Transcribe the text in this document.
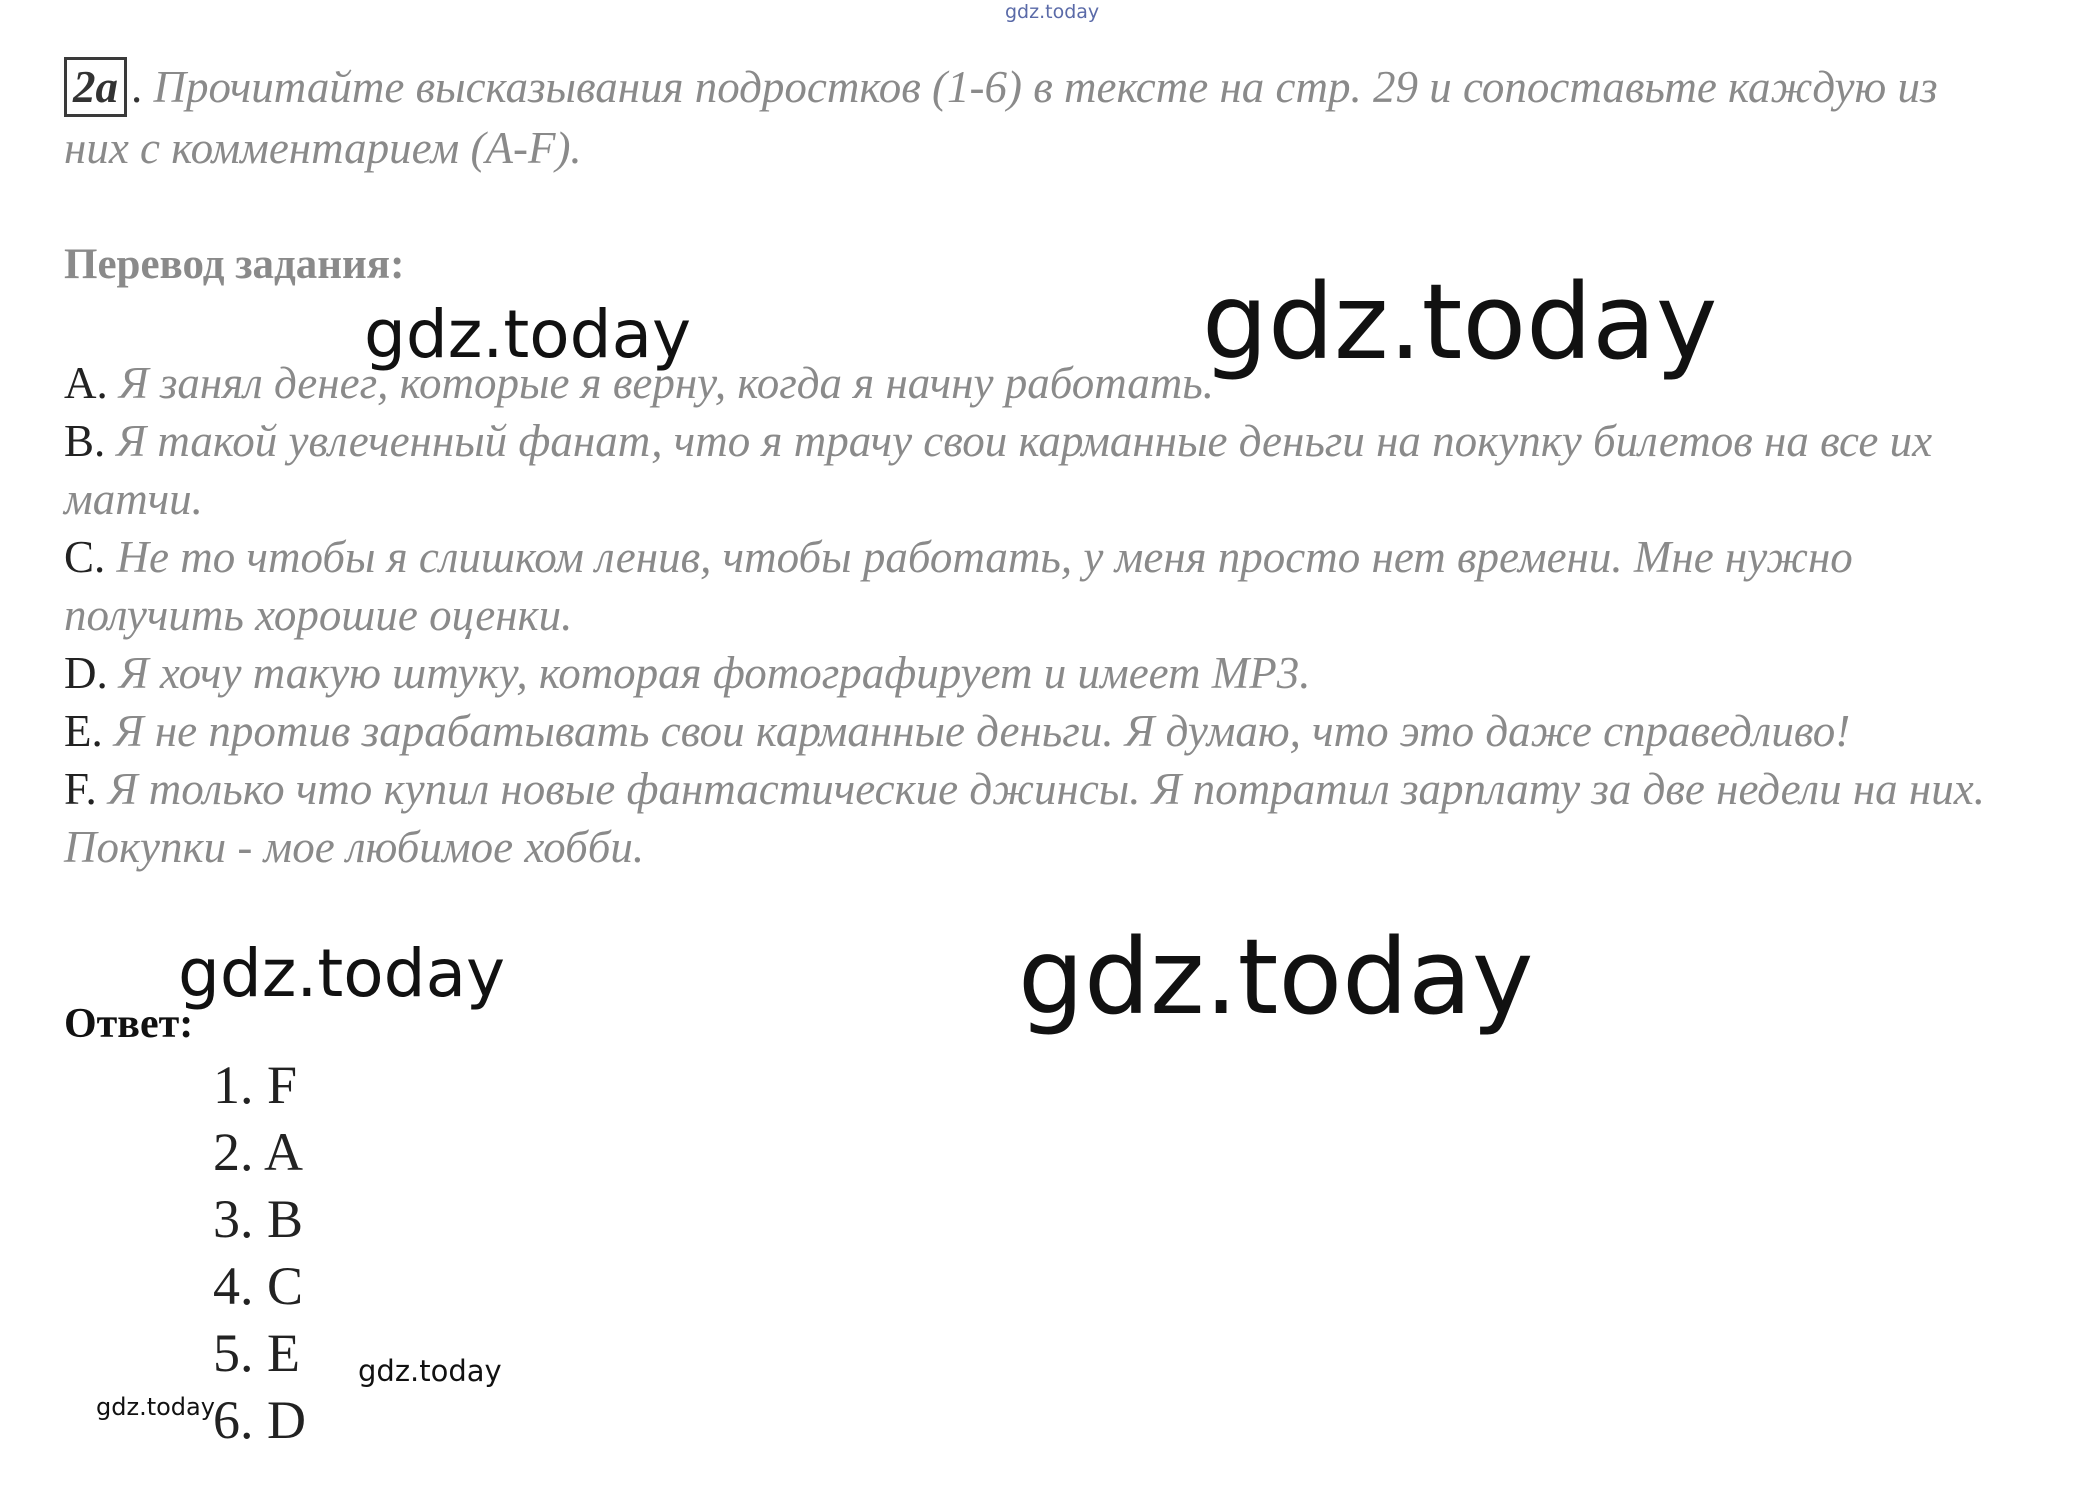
gdz.today
2a . Прочитайте высказывания подростков (1-6) в тексте на стр. 29 и сопоставьте каждую из них с комментарием (A-F).
Перевод задания:

A. Я занял денег, которые я верну, когда я начну работать.

B. Я такой увлеченный фанат, что я трачу свои карманные деньги на покупку билетов на все их матчи.

C. Не то чтобы я слишком ленив, чтобы работать, у меня просто нет времени. Мне нужно получить хорошие оценки.

D. Я хочу такую штуку, которая фотографирует и имеет MP3.

E. Я не против зарабатывать свои карманные деньги. Я думаю, что это даже справедливо!

F. Я только что купил новые фантастические джинсы. Я потратил зарплату за две недели на них. Покупки - мое любимое хобби.

Ответ:
1. F
2. A
3. B
4. C
5. E
6. D
gdz.today	gdz.today
gdz.today	gdz.today
gdz.today
gdz.today
